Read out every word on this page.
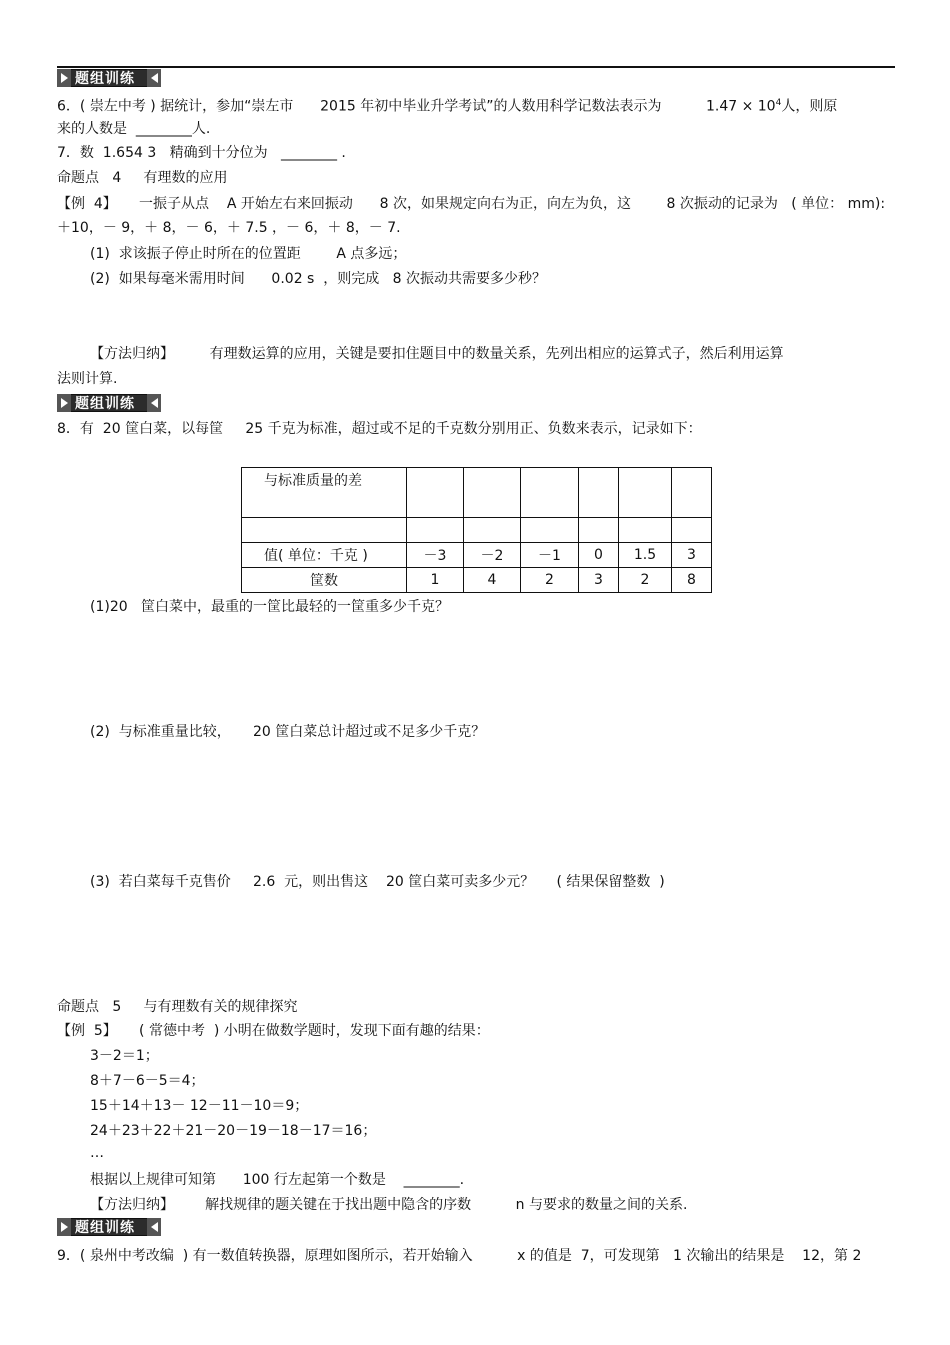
题组训练
6．( 崇左中考 ) 据统计，参加“崇左市      2015 年初中毕业升学考试”的人数用科学记数法表示为          $1.47 \times 10^4$人，则原
来的人数是  ________人.
7．数  1.654 3   精确到十分位为   ________ .
命题点   4     有理数的应用
【例  4】     一振子从点    A 开始左右来回振动      8 次，如果规定向右为正，向左为负，这        8 次振动的记录为   ( 单位： mm):
＋10，－ 9，＋ 8，－ 6，＋ 7.5 ，－ 6，＋ 8，－ 7.
(1)  求该振子停止时所在的位置距        A 点多远；
(2)  如果每毫米需用时间      0.02 s  ，则完成   8 次振动共需要多少秒？
【方法归纳】        有理数运算的应用，关键是要扣住题目中的数量关系，先列出相应的运算式子，然后利用运算
法则计算.
题组训练
8．有  20 筐白菜，以每筐     25 千克为标准，超过或不足的千克数分别用正、负数来表示，记录如下：
与标准质量的差						

值( 单位：千克 )	－3	－2	－1	0	1.5	3
筐数	1	4	2	3	2	8
(1)20   筐白菜中，最重的一筐比最轻的一筐重多少千克？
(2)  与标准重量比较，     20 筐白菜总计超过或不足多少千克？
(3)  若白菜每千克售价     2.6  元，则出售这    20 筐白菜可卖多少元？     ( 结果保留整数  )
命题点   5     与有理数有关的规律探究
【例  5】     ( 常德中考  ) 小明在做数学题时，发现下面有趣的结果：
3－2＝1；
8＋7－6－5＝4；
15＋14＋13－ 12－11－10＝9；
24＋23＋22＋21－20－19－18－17＝16；
…
根据以上规律可知第      100 行左起第一个数是    ________.
【方法归纳】       解找规律的题关键在于找出题中隐含的序数          n 与要求的数量之间的关系.
题组训练
9．( 泉州中考改编  ) 有一数值转换器，原理如图所示，若开始输入          x 的值是  7，可发现第   1 次输出的结果是    12，第 2
